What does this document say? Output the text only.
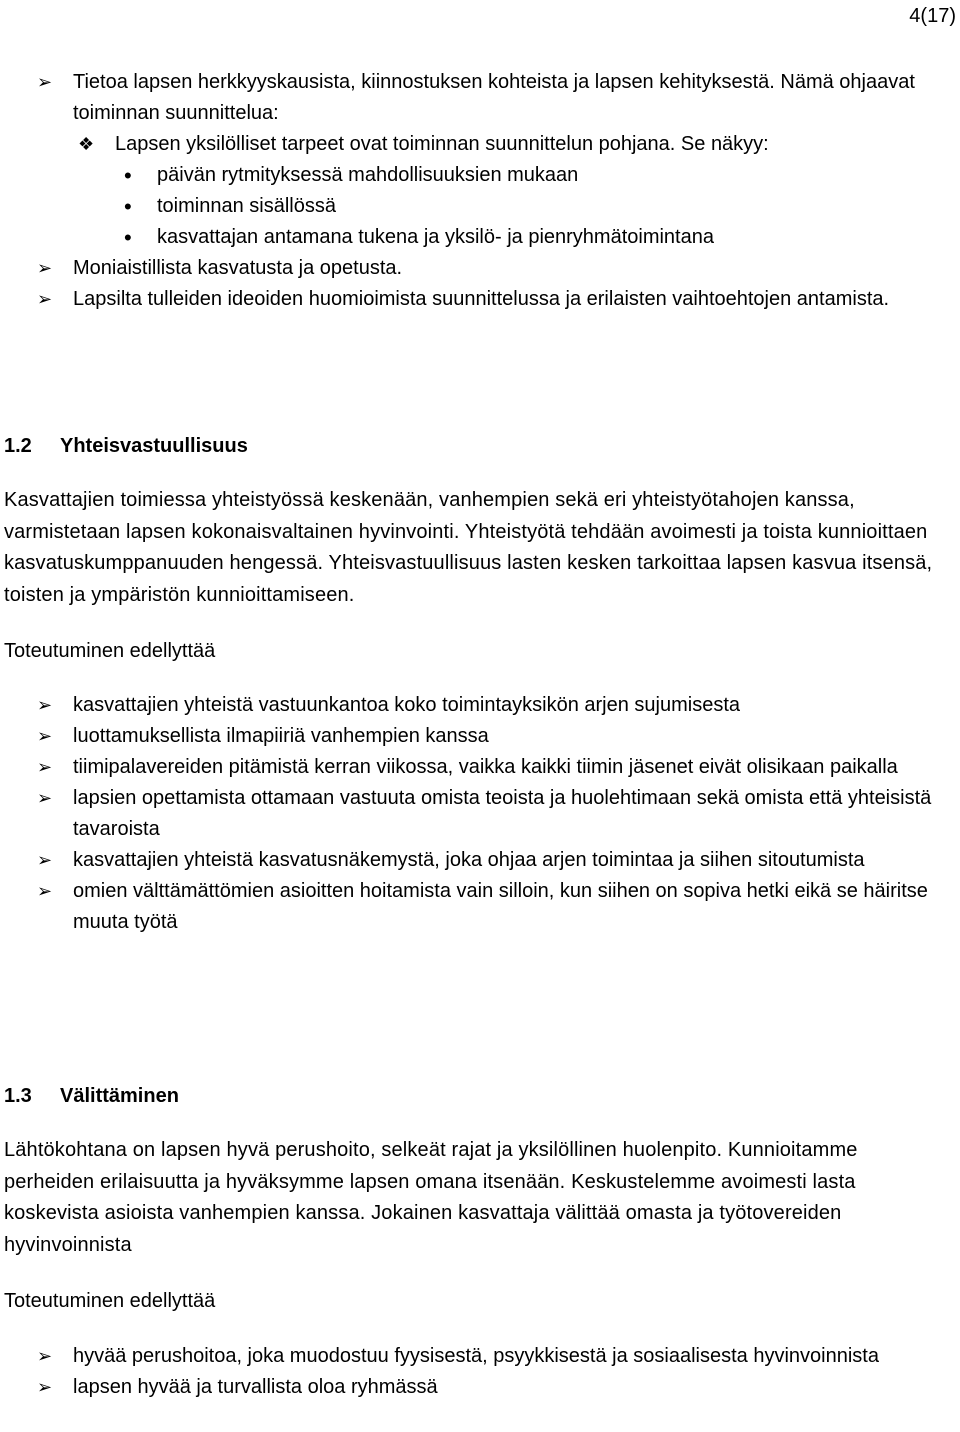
4(17)
➢	Tietoa lapsen herkkyyskausista, kiinnostuksen kohteista ja lapsen kehityksestä. Nämä ohjaavat toiminnan suunnittelua:
❖ Lapsen yksilölliset tarpeet ovat toiminnan suunnittelun pohjana. Se näkyy:
•	päivän rytmityksessä mahdollisuuksien mukaan
•	toiminnan sisällössä
•	kasvattajan antamana tukena ja yksilö- ja pienryhmätoimintana
➢	Moniaistillista kasvatusta ja opetusta.
➢	Lapsilta tulleiden ideoiden huomioimista suunnittelussa ja erilaisten vaihtoehtojen antamista.
1.2 Yhteisvastuullisuus
Kasvattajien toimiessa yhteistyössä keskenään, vanhempien sekä eri yhteistyötahojen kanssa, varmistetaan lapsen kokonaisvaltainen hyvinvointi. Yhteistyötä tehdään avoimesti ja toista kunnioittaen kasvatuskumppanuuden hengessä. Yhteisvastuullisuus lasten kesken tarkoittaa lapsen kasvua itsensä, toisten ja ympäristön kunnioittamiseen.
Toteutuminen edellyttää
➢	kasvattajien yhteistä vastuunkantoa koko toimintayksikön arjen sujumisesta
➢	luottamuksellista ilmapiiriä vanhempien kanssa
➢	tiimipalavereiden pitämistä kerran viikossa, vaikka kaikki tiimin jäsenet eivät olisikaan paikalla
➢	lapsien opettamista ottamaan vastuuta omista teoista ja huolehtimaan sekä omista että yhteisistä tavaroista
➢	kasvattajien yhteistä kasvatusnäkemystä, joka ohjaa arjen toimintaa ja siihen sitoutumista
➢	omien välttämättömien asioitten hoitamista vain silloin, kun siihen on sopiva hetki eikä se häiritse muuta työtä
1.3 Välittäminen
Lähtökohtana on lapsen hyvä perushoito, selkeät rajat ja yksilöllinen huolenpito. Kunnioitamme perheiden erilaisuutta ja hyväksymme lapsen omana itsenään. Keskustelemme avoimesti lasta koskevista asioista vanhempien kanssa. Jokainen kasvattaja välittää omasta ja työtovereiden hyvinvoinnista
Toteutuminen edellyttää
➢	hyvää perushoitoa, joka muodostuu fyysisestä, psyykkisestä ja sosiaalisesta hyvinvoinnista
➢	lapsen hyvää ja turvallista oloa ryhmässä
